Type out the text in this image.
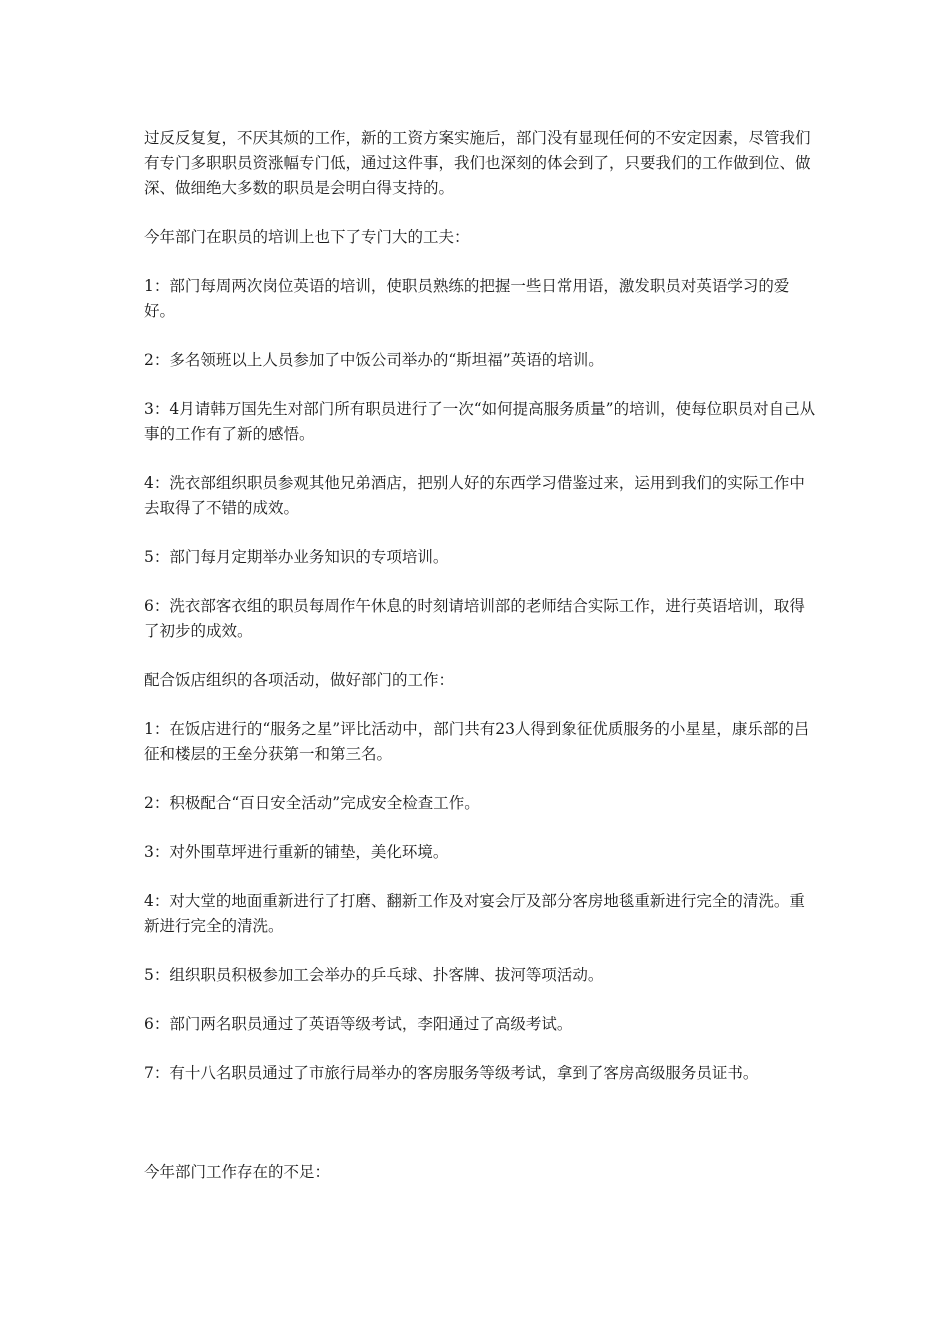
过反反复复，不厌其烦的工作，新的工资方案实施后，部门没有显现任何的不安定因素，尽管我们有专门多职职员资涨幅专门低，通过这件事，我们也深刻的体会到了，只要我们的工作做到位、做深、做细绝大多数的职员是会明白得支持的。

今年部门在职员的培训上也下了专门大的工夫：

1：部门每周两次岗位英语的培训，使职员熟练的把握一些日常用语，激发职员对英语学习的爱好。

2：多名领班以上人员参加了中饭公司举办的“斯坦福”英语的培训。

3：4月请韩万国先生对部门所有职员进行了一次“如何提高服务质量”的培训，使每位职员对自己从事的工作有了新的感悟。

4：洗衣部组织职员参观其他兄弟酒店，把别人好的东西学习借鉴过来，运用到我们的实际工作中去取得了不错的成效。

5：部门每月定期举办业务知识的专项培训。

6：洗衣部客衣组的职员每周作午休息的时刻请培训部的老师结合实际工作，进行英语培训，取得了初步的成效。

配合饭店组织的各项活动，做好部门的工作：

1：在饭店进行的“服务之星”评比活动中，部门共有23人得到象征优质服务的小星星，康乐部的吕征和楼层的王垒分获第一和第三名。

2：积极配合“百日安全活动”完成安全检查工作。

3：对外围草坪进行重新的铺垫，美化环境。

4：对大堂的地面重新进行了打磨、翻新工作及对宴会厅及部分客房地毯重新进行完全的清洗。重新进行完全的清洗。

5：组织职员积极参加工会举办的乒乓球、扑客牌、拔河等项活动。

6：部门两名职员通过了英语等级考试，李阳通过了高级考试。

7：有十八名职员通过了市旅行局举办的客房服务等级考试，拿到了客房高级服务员证书。

今年部门工作存在的不足：
